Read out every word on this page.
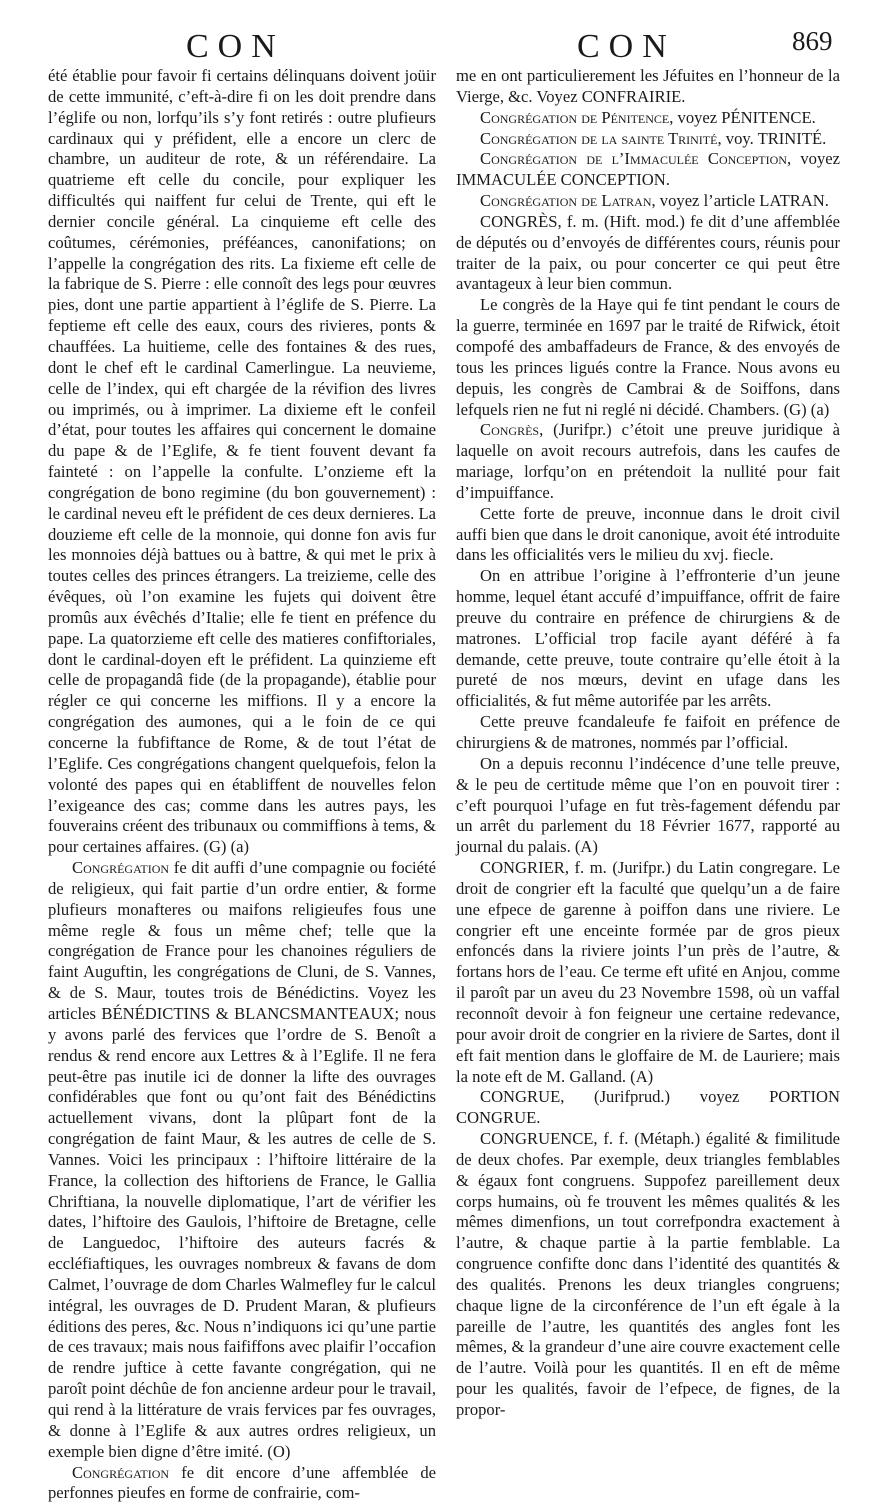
CON	CON	869

été établie pour favoir fi certains délinquans doivent joüir de cette immunité, c’eft-à-dire fi on les doit prendre dans l’églife ou non, lorfqu’ils s’y font retirés : outre plufieurs cardinaux qui y préfident, elle a encore un clerc de chambre, un auditeur de rote, & un référendaire. La quatrieme eft celle du concile, pour expliquer les difficultés qui naiffent fur celui de Trente, qui eft le dernier concile général. La cinquieme eft celle des coûtumes, cérémonies, préféances, canonifations; on l’appelle la congrégation des rits. La fixieme eft celle de la fabrique de S. Pierre : elle connoît des legs pour œuvres pies, dont une partie appartient à l’églife de S. Pierre. La feptieme eft celle des eaux, cours des rivieres, ponts & chauffées. La huitieme, celle des fontaines & des rues, dont le chef eft le cardinal Camerlingue. La neuvieme, celle de l’index, qui eft chargée de la révifion des livres ou imprimés, ou à imprimer. La dixieme eft le confeil d’état, pour toutes les affaires qui concernent le domaine du pape & de l’Eglife, & fe tient fouvent devant fa fainteté : on l’appelle la confulte. L’onzieme eft la congrégation de bono regimine (du bon gouvernement) : le cardinal neveu eft le préfident de ces deux dernieres. La douzieme eft celle de la monnoie, qui donne fon avis fur les monnoies déjà battues ou à battre, & qui met le prix à toutes celles des princes étrangers. La treizieme, celle des évêques, où l’on examine les fujets qui doivent être promûs aux évêchés d’Italie; elle fe tient en préfence du pape. La quatorzieme eft celle des matieres confiftoriales, dont le cardinal-doyen eft le préfident. La quinzieme eft celle de propagandâ fide (de la propagande), établie pour régler ce qui concerne les miffions. Il y a encore la congrégation des aumones, qui a le foin de ce qui concerne la fubfiftance de Rome, & de tout l’état de l’Eglife. Ces congrégations changent quelquefois, felon la volonté des papes qui en établiffent de nouvelles felon l’exigeance des cas; comme dans les autres pays, les fouverains créent des tribunaux ou commiffions à tems, & pour certaines affaires. (G) (a)

Congrégation fe dit auffi d’une compagnie ou fociété de religieux, qui fait partie d’un ordre entier, & forme plufieurs monafteres ou maifons religieufes fous une même regle & fous un même chef; telle que la congrégation de France pour les chanoines réguliers de faint Auguftin, les congrégations de Cluni, de S. Vannes, & de S. Maur, toutes trois de Bénédictins. Voyez les articles BÉNÉDICTINS & BLANCSMANTEAUX; nous y avons parlé des fervices que l’ordre de S. Benoît a rendus & rend encore aux Lettres & à l’Eglife. Il ne fera peut-être pas inutile ici de donner la lifte des ouvrages confidérables que font ou qu’ont fait des Bénédictins actuellement vivans, dont la plûpart font de la congrégation de faint Maur, & les autres de celle de S. Vannes. Voici les principaux : l’hiftoire littéraire de la France, la collection des hiftoriens de France, le Gallia Chriftiana, la nouvelle diplomatique, l’art de vérifier les dates, l’hiftoire des Gaulois, l’hiftoire de Bretagne, celle de Languedoc, l’hiftoire des auteurs facrés & eccléfiaftiques, les ouvrages nombreux & favans de dom Calmet, l’ouvrage de dom Charles Walmefley fur le calcul intégral, les ouvrages de D. Prudent Maran, & plufieurs éditions des peres, &c. Nous n’indiquons ici qu’une partie de ces travaux; mais nous faififfons avec plaifir l’occafion de rendre juftice à cette favante congrégation, qui ne paroît point déchûe de fon ancienne ardeur pour le travail, qui rend à la littérature de vrais fervices par fes ouvrages, & donne à l’Eglife & aux autres ordres religieux, un exemple bien digne d’être imité. (O)

Congrégation fe dit encore d’une affemblée de perfonnes pieufes en forme de confrairie, com-

me en ont particulierement les Jéfuites en l’honneur de la Vierge, &c. Voyez CONFRAIRIE.

Congrégation de Pénitence, voyez PÉNITENCE.

Congrégation de la sainte Trinité, voy. TRINITÉ.

Congrégation de l’Immaculée Conception, voyez IMMACULÉE CONCEPTION.

Congrégation de Latran, voyez l’article LATRAN.

CONGRÈS, f. m. (Hift. mod.) fe dit d’une affemblée de députés ou d’envoyés de différentes cours, réunis pour traiter de la paix, ou pour concerter ce qui peut être avantageux à leur bien commun.

Le congrès de la Haye qui fe tint pendant le cours de la guerre, terminée en 1697 par le traité de Rifwick, étoit compofé des ambaffadeurs de France, & des envoyés de tous les princes ligués contre la France. Nous avons eu depuis, les congrès de Cambrai & de Soiffons, dans lefquels rien ne fut ni reglé ni décidé. Chambers. (G) (a)

Congrès, (Jurifpr.) c’étoit une preuve juridique à laquelle on avoit recours autrefois, dans les caufes de mariage, lorfqu’on en prétendoit la nullité pour fait d’impuiffance.

Cette forte de preuve, inconnue dans le droit civil auffi bien que dans le droit canonique, avoit été introduite dans les officialités vers le milieu du xvj. fiecle.

On en attribue l’origine à l’effronterie d’un jeune homme, lequel étant accufé d’impuiffance, offrit de faire preuve du contraire en préfence de chirurgiens & de matrones. L’official trop facile ayant déféré à fa demande, cette preuve, toute contraire qu’elle étoit à la pureté de nos mœurs, devint en ufage dans les officialités, & fut même autorifée par les arrêts.

Cette preuve fcandaleufe fe faifoit en préfence de chirurgiens & de matrones, nommés par l’official.

On a depuis reconnu l’indécence d’une telle preuve, & le peu de certitude même que l’on en pouvoit tirer : c’eft pourquoi l’ufage en fut très-fagement défendu par un arrêt du parlement du 18 Février 1677, rapporté au journal du palais. (A)

CONGRIER, f. m. (Jurifpr.) du Latin congregare. Le droit de congrier eft la faculté que quelqu’un a de faire une efpece de garenne à poiffon dans une riviere. Le congrier eft une enceinte formée par de gros pieux enfoncés dans la riviere joints l’un près de l’autre, & fortans hors de l’eau. Ce terme eft ufité en Anjou, comme il paroît par un aveu du 23 Novembre 1598, où un vaffal reconnoît devoir à fon feigneur une certaine redevance, pour avoir droit de congrier en la riviere de Sartes, dont il eft fait mention dans le gloffaire de M. de Lauriere; mais la note eft de M. Galland. (A)

CONGRUE, (Jurifprud.) voyez PORTION CONGRUE.

CONGRUENCE, f. f. (Métaph.) égalité & fimilitude de deux chofes. Par exemple, deux triangles femblables & égaux font congruens. Suppofez pareillement deux corps humains, où fe trouvent les mêmes qualités & les mêmes dimenfions, un tout correfpondra exactement à l’autre, & chaque partie à la partie femblable. La congruence confifte donc dans l’identité des quantités & des qualités. Prenons les deux triangles congruens; chaque ligne de la circonférence de l’un eft égale à la pareille de l’autre, les quantités des angles font les mêmes, & la grandeur d’une aire couvre exactement celle de l’autre. Voilà pour les quantités. Il en eft de même pour les qualités, favoir de l’efpece, de fignes, de la propor-
